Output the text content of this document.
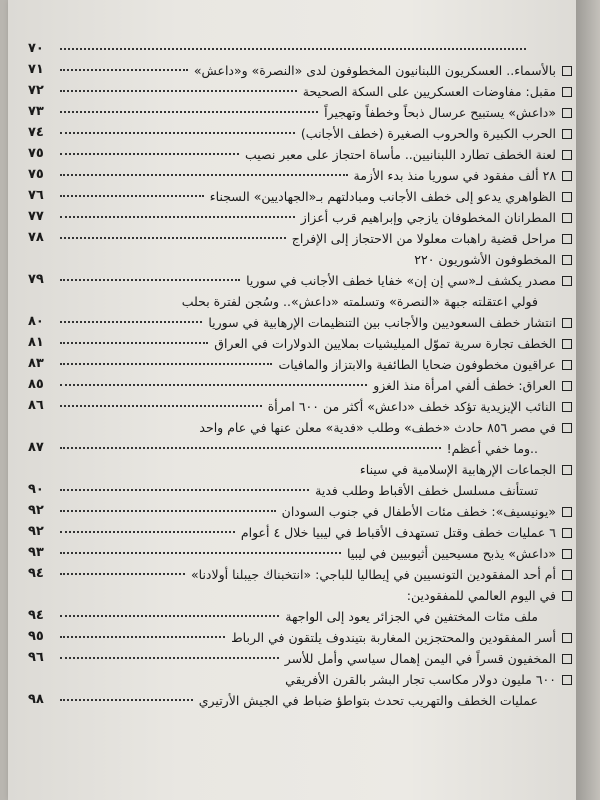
٧٠
بالأسماء.. العسكريون اللبنانيون المخطوفون لدى «النصرة» و«داعش»
٧١
مقبل: مفاوضات العسكريين على السكة الصحيحة
٧٢
«داعش» يستبيح عرسال ذبحاً وخطفاً وتهجيراً
٧٣
الحرب الكبيرة والحروب الصغيرة (خطف الأجانب)
٧٤
لعنة الخطف تطارد اللبنانيين.. مأساة احتجاز على معبر نصيب
٧٥
٢٨ ألف مفقود في سوريا منذ بدء الأزمة
٧٥
الظواهري يدعو إلى خطف الأجانب ومبادلتهم بـ«الجهاديين» السجناء
٧٦
المطرانان المخطوفان يازجي وإبراهيم قرب أعزاز
٧٧
مراحل قضية راهبات معلولا من الاحتجاز إلى الإفراج
٧٨
المخطوفون الأشوريون ٢٢٠
مصدر يكشف لـ«سي إن إن» خفايا خطف الأجانب في سوريا
٧٩
فولي اعتقلته جبهة «النصرة» وتسلمته «داعش».. وسُجن لفترة بحلب
انتشار خطف السعوديين والأجانب بين التنظيمات الإرهابية في سوريا
٨٠
الخطف تجارة سرية تموّل الميليشيات بملايين الدولارات في العراق
٨١
عراقيون مخطوفون ضحايا الطائفية والابتزاز والمافيات
٨٣
العراق: خطف ألفي امرأة منذ الغزو
٨٥
النائب الإيزيدية تؤكد خطف «داعش» أكثر من ٦٠٠ امرأة
٨٦
في مصر ٨٥٦ حادث «خطف» وطلب «فدية» معلن عنها في عام واحد
..وما خفي أعظم!
٨٧
الجماعات الإرهابية الإسلامية في سيناء
تستأنف مسلسل خطف الأقباط وطلب فدية
٩٠
«يونيسيف»: خطف مئات الأطفال في جنوب السودان
٩٢
٦ عمليات خطف وقتل تستهدف الأقباط في ليبيا خلال ٤ أعوام
٩٢
«داعش» يذبح مسيحيين أثيوبيين في ليبيا
٩٣
أم أحد المفقودين التونسيين في إيطاليا للباجي: «انتخبناك جيبلنا أولادنا»
٩٤
في اليوم العالمي للمفقودين:
ملف مئات المختفين في الجزائر يعود إلى الواجهة
٩٤
أسر المفقودين والمحتجزين المغاربة بتيندوف يلتقون في الرباط
٩٥
المخفيون قسراً في اليمن إهمال سياسي وأمل للأسر
٩٦
٦٠٠ مليون دولار مكاسب تجار البشر بالقرن الأفريقي
عمليات الخطف والتهريب تحدث بتواطؤ ضباط في الجيش الأرتيري
٩٨
